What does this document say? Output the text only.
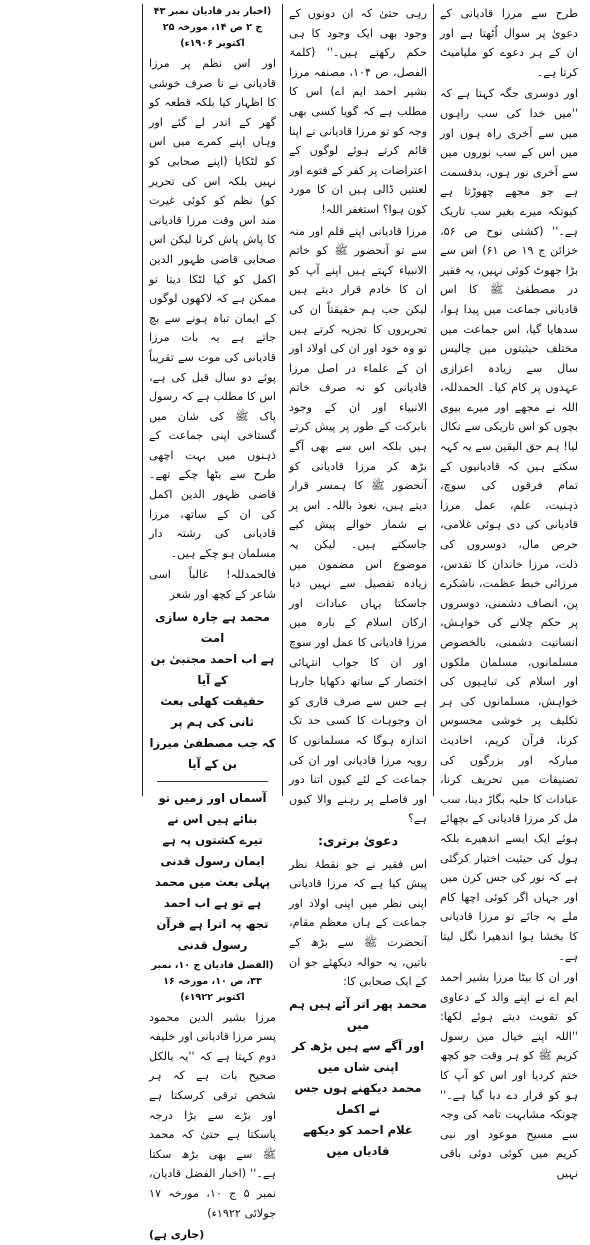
طرح سے مرزا قادیانی کے دعویٰ پر سوال اُٹھتا ہے اور ان کے ہر دعوے کو ملیامیٹ کرتا ہے۔

اور دوسری جگہ کہتا ہے کہ ''میں خدا کی سب راہوں میں سے آخری راہ ہوں اور میں اس کے سب نوروں میں سے آخری نور ہوں، بدقسمت ہے جو مجھے چھوڑتا ہے کیونکہ میرے بغیر سب تاریک ہے۔'' (کشتی نوح ص ۵۶، خزائن ج ۱۹ ص ۶۱) اس سے بڑا جھوٹ کوئی نہیں، یہ فقیر در مصطفیٰ ﷺ کا اس قادیانی جماعت میں پیدا ہوا، سدھایا گیا، اس جماعت میں مختلف حیثیتوں میں چالیس سال سے زیادہ اعزازی عہدوں پر کام کیا۔ الحمدللہ، اللہ نے مجھے اور میرے بیوی بچوں کو اس تاریکی سے نکال لیا! ہم حق الیقین سے یہ کہہ سکتے ہیں کہ قادیانیوں کے تمام فرقوں کی سوچ، ذہنیت، علم، عمل مرزا قادیانی کی دی ہوئی غلامی، حرص مال، دوسروں کی ذلت، مرزا خاندان کا تقدس، مرزائی خبط عظمت، ناشکرے پن، انصاف دشمنی، دوسروں پر حکم چلانے کی خواہش، انسانیت دشمنی، بالخصوص مسلمانوں، مسلمان ملکوں اور اسلام کی تباہیوں کی خواہش، مسلمانوں کی ہر تکلیف پر خوشی محسوس کرنا، قرآن کریم، احادیث مبارکہ اور بزرگوں کی تصنیفات میں تحریف کرنا، عبادات کا حلیہ بگاڑ دینا، سب مل کر مرزا قادیانی کے بچھائے ہوئے ایک ایسے اندھیرے بلکہ ہول کی حیثیت اختیار کرگئی ہے کہ نور کی جس کرن میں اور جہاں اگر کوئی اچھا کام ملے یہ جائے تو مرزا قادیانی کا بخشا ہوا اندھیرا نگل لیتا ہے۔

اور ان کا بیٹا مرزا بشیر احمد ایم اے نے اپنے والد کے دعاوی کو تقویت دیتے ہوئے لکھا: ''اللہ اپنے خیال میں رسول کریم ﷺ کو ہر وقت جو کچھ ختم کردیا اور اس کو آپ کا ہو کو قرار دے دیا گیا ہے۔'' چونکہ مشابہت تامہ کی وجہ سے مسیح موعود اور نبی کریم میں کوئی دوئی باقی نہیں

رہی حتیٰ کہ ان دونوں کے وجود بھی ایک وجود کا ہی حکم رکھتے ہیں۔'' (کلمۃ الفصل، ص ۱۰۴، مصنفہ مرزا بشیر احمد ایم اے) اس کا مطلب ہے کہ گویا کسی بھی وجہ کو تو مرزا قادیانی نے اپنا قائم کرتے ہوئے لوگوں کے اعتراضات پر کفر کے فتوے اور لعنتیں ڈالی ہیں ان کا مورد کون ہوا؟ استغفر اللہ!

مرزا قادیانی اپنے قلم اور منہ سے تو آنحضور ﷺ کو خاتم الانبیاء کہتے ہیں اپنے آپ کو ان کا خادم قرار دیتے ہیں لیکن جب ہم حقیقتاً ان کی تحریروں کا تجزیہ کرتے ہیں تو وہ خود اور ان کی اولاد اور ان کے علماء در اصل مرزا قادیانی کو نہ صرف خاتم الانبیاء اور ان کے وجود بابرکت کے طور پر پیش کرتے ہیں بلکہ اس سے بھی آگے بڑھ کر مرزا قادیانی کو آنحضور ﷺ کا ہمسر قرار دیتے ہیں، نعوذ باللہ۔ اس پر بے شمار حوالے پیش کیے جاسکتے ہیں۔ لیکن یہ موضوع اس مضمون میں زیادہ تفصیل سے نہیں دیا جاسکتا یہاں عبادات اور ارکان اسلام کے بارہ میں مرزا قادیانی کا عمل اور سوچ اور ان کا جواب انتہائی اختصار کے ساتھ دکھایا جارہا ہے جس سے صرف قاری کو ان وجوہات کا کسی حد تک اندازہ ہوگا کہ مسلمانوں کا رویہ مرزا قادیانی اور ان کی جماعت کے لئے کیوں اتنا دور اور فاصلے پر رہنے والا کیوں ہے؟

دعویٰ برتری:

اس فقیر نے جو نقطۂ نظر پیش کیا ہے کہ مرزا قادیانی اپنی نظر میں اپنی اولاد اور جماعت کے ہاں معظم مقام، آنحضرت ﷺ سے بڑھ کے باتیں، یہ حوالہ دیکھئے جو ان کے ایک صحابی کا:

محمد پھر اتر آئے ہیں ہم میں
اور آگے سے ہیں بڑھ کر اپنی شاں میں
محمد دیکھنے ہوں جس نے اکمل
غلام احمد کو دیکھے قادیاں میں
(اخبار بدر قادیان نمبر ۴۳ ج ۲ ص ۱۴، مورخہ ۲۵ اکتوبر ۱۹۰۶ء)

اور اس نظم پر مرزا قادیانی نے نا صرف خوشی کا اظہار کیا بلکہ قطعہ کو گھر کے اندر لے گئے اور وہاں اپنے کمرے میں اس کو لٹکایا (اپنے صحابی کو نہیں بلکہ اس کی تحریر کو) نظم کو کوئی غیرت مند اس وقت مرزا قادیانی کا پاش پاش کرتا لیکن اس صحابی قاضی ظہور الدین اکمل کو کیا لٹکا دیتا تو ممکن ہے کہ لاکھوں لوگوں کے ایمان تباہ ہونے سے بچ جاتے ہے یہ بات مرزا قادیانی کی موت سے تقریباً پوئے دو سال قبل کی ہے، اس کا مطلب ہے کہ رسول پاک ﷺ کی شان میں گستاخی اپنی جماعت کے ذہنوں میں بہت اچھی طرح سے بٹھا چکے تھے۔ قاضی ظہور الدین اکمل کی ان کے ساتھ، مرزا قادیانی کی رشتہ دار مسلمان ہو چکے ہیں۔

فالحمدللہ! غالباً اسی شاعر کے کچھ اور شعر

محمد ہے چارہ سازی امت
ہے اب احمد مجتبیٰ بن کے آیا
حقیقت کھلی بعث ثانی کی ہم پر
کہ جب مصطفیٰ میرزا بن کے آیا
آسماں اور زمیں تو بنائے ہیں اس نے
تیرے کشتوں پہ ہے ایمان رسول قدنی
پہلی بعث میں محمد ہے تو ہے اب احمد
تجھ پہ اترا ہے قرآن رسول قدنی
(الفضل قادیان ج ۱۰، نمبر ۳۳، ص ۱۰، مورخہ ۱۶ اکتوبر ۱۹۲۲ء)

مرزا بشیر الدین محمود پسر مرزا قادیانی اور خلیفہ دوم کہتا ہے کہ ''یہ بالکل صحیح بات ہے کہ ہر شخص ترقی کرسکتا ہے اور بڑے سے بڑا درجہ پاسکتا ہے حتیٰ کہ محمد ﷺ سے بھی بڑھ سکتا ہے۔'' (اخبار الفضل قادیان، نمبر ۵ ج ۱۰، مورخہ ۱۷ جولائی ۱۹۲۲ء)

(جاری ہے)
